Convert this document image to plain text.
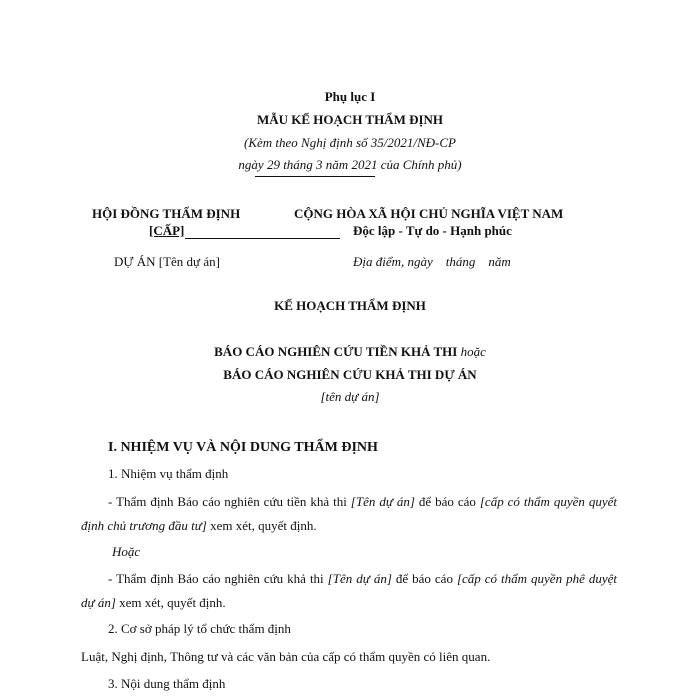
Phụ lục I
MẪU KẾ HOẠCH THẨM ĐỊNH
(Kèm theo Nghị định số 35/2021/NĐ-CP
ngày 29 tháng 3 năm 2021 của Chính phủ)
HỘI ĐỒNG THẨM ĐỊNH
[CẤP]
DỰ ÁN [Tên dự án]
CỘNG HÒA XÃ HỘI CHỦ NGHĨA VIỆT NAM
Độc lập - Tự do - Hạnh phúc
Địa điểm, ngày    tháng    năm
KẾ HOẠCH THẨM ĐỊNH
BÁO CÁO NGHIÊN CỨU TIỀN KHẢ THI hoặc
BÁO CÁO NGHIÊN CỨU KHẢ THI DỰ ÁN
[tên dự án]
I. NHIỆM VỤ VÀ NỘI DUNG THẨM ĐỊNH
1. Nhiệm vụ thẩm định
- Thẩm định Báo cáo nghiên cứu tiền khả thi [Tên dự án] để báo cáo [cấp có thẩm quyền quyết định chủ trương đầu tư] xem xét, quyết định.
Hoặc
- Thẩm định Báo cáo nghiên cứu khả thi [Tên dự án] để báo cáo [cấp có thẩm quyền phê duyệt dự án] xem xét, quyết định.
2. Cơ sở pháp lý tổ chức thẩm định
Luật, Nghị định, Thông tư và các văn bản của cấp có thẩm quyền có liên quan.
3. Nội dung thẩm định
